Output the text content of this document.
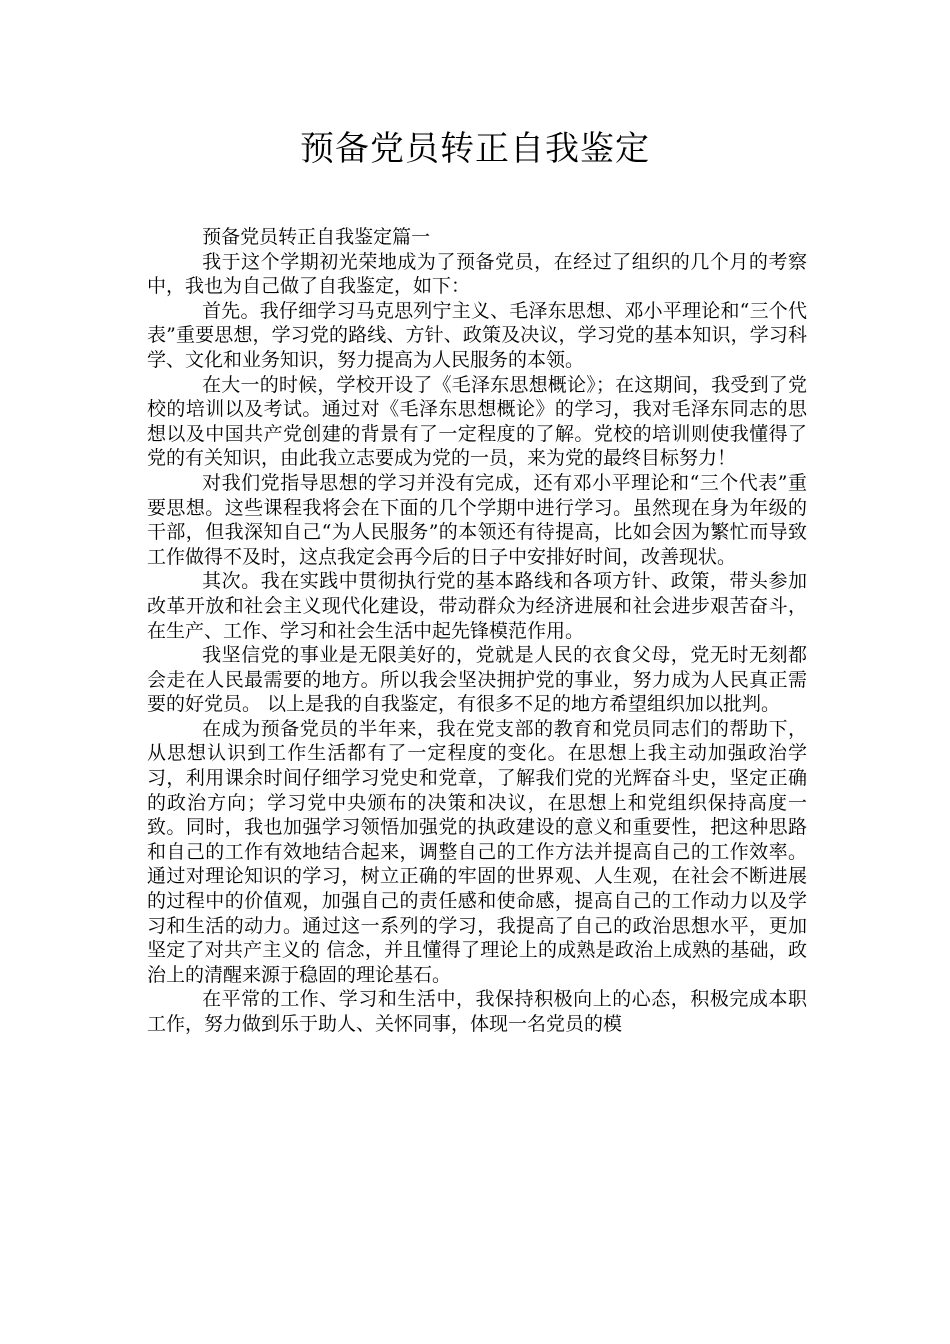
预备党员转正自我鉴定

预备党员转正自我鉴定篇一

我于这个学期初光荣地成为了预备党员，在经过了组织的几个月的考察中，我也为自己做了自我鉴定，如下：

首先。我仔细学习马克思列宁主义、毛泽东思想、邓小平理论和“三个代表”重要思想，学习党的路线、方针、政策及决议，学习党的基本知识，学习科学、文化和业务知识，努力提高为人民服务的本领。

在大一的时候，学校开设了《毛泽东思想概论》；在这期间，我受到了党校的培训以及考试。通过对《毛泽东思想概论》的学习，我对毛泽东同志的思想以及中国共产党创建的背景有了一定程度的了解。党校的培训则使我懂得了党的有关知识，由此我立志要成为党的一员，来为党的最终目标努力！

对我们党指导思想的学习并没有完成，还有邓小平理论和“三个代表”重要思想。这些课程我将会在下面的几个学期中进行学习。虽然现在身为年级的干部，但我深知自己“为人民服务”的本领还有待提高，比如会因为繁忙而导致工作做得不及时，这点我定会再今后的日子中安排好时间，改善现状。

其次。我在实践中贯彻执行党的基本路线和各项方针、政策，带头参加改革开放和社会主义现代化建设，带动群众为经济进展和社会进步艰苦奋斗，在生产、工作、学习和社会生活中起先锋模范作用。

我坚信党的事业是无限美好的，党就是人民的衣食父母，党无时无刻都会走在人民最需要的地方。所以我会坚决拥护党的事业，努力成为人民真正需要的好党员。 以上是我的自我鉴定，有很多不足的地方希望组织加以批判。

在成为预备党员的半年来，我在党支部的教育和党员同志们的帮助下，从思想认识到工作生活都有了一定程度的变化。在思想上我主动加强政治学习，利用课余时间仔细学习党史和党章，了解我们党的光辉奋斗史，坚定正确的政治方向；学习党中央颁布的决策和决议，在思想上和党组织保持高度一致。同时，我也加强学习领悟加强党的执政建设的意义和重要性，把这种思路和自己的工作有效地结合起来，调整自己的工作方法并提高自己的工作效率。通过对理论知识的学习，树立正确的牢固的世界观、人生观，在社会不断进展的过程中的价值观，加强自己的责任感和使命感，提高自己的工作动力以及学习和生活的动力。通过这一系列的学习，我提高了自己的政治思想水平，更加坚定了对共产主义的 信念，并且懂得了理论上的成熟是政治上成熟的基础，政治上的清醒来源于稳固的理论基石。

在平常的工作、学习和生活中，我保持积极向上的心态，积极完成本职工作，努力做到乐于助人、关怀同事，体现一名党员的模
